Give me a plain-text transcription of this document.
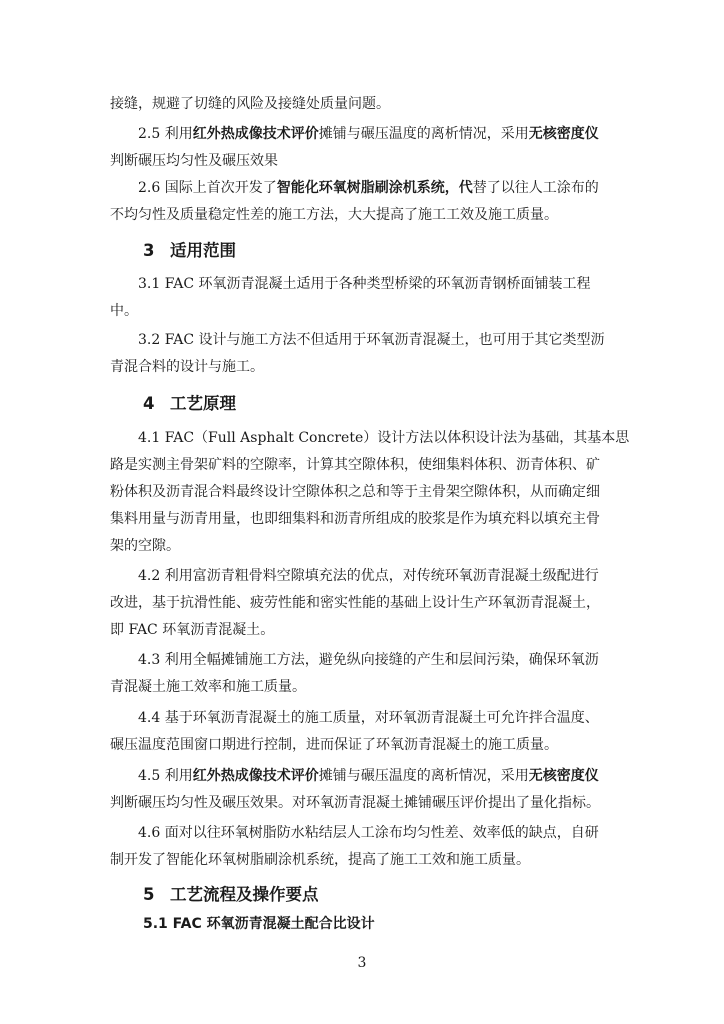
接缝，规避了切缝的风险及接缝处质量问题。
2.5 利用红外热成像技术评价摊铺与碾压温度的离析情况，采用无核密度仪
判断碾压均匀性及碾压效果
2.6 国际上首次开发了智能化环氧树脂刷涂机系统，代替了以往人工涂布的
不均匀性及质量稳定性差的施工方法，大大提高了施工工效及施工质量。
3 适用范围
3.1 FAC 环氧沥青混凝土适用于各种类型桥梁的环氧沥青钢桥面铺装工程
中。
3.2 FAC 设计与施工方法不但适用于环氧沥青混凝土，也可用于其它类型沥
青混合料的设计与施工。
4 工艺原理
4.1 FAC（Full Asphalt Concrete）设计方法以体积设计法为基础，其基本思
路是实测主骨架矿料的空隙率，计算其空隙体积，使细集料体积、沥青体积、矿
粉体积及沥青混合料最终设计空隙体积之总和等于主骨架空隙体积，从而确定细
集料用量与沥青用量，也即细集料和沥青所组成的胶浆是作为填充料以填充主骨
架的空隙。
4.2 利用富沥青粗骨料空隙填充法的优点，对传统环氧沥青混凝土级配进行
改进，基于抗滑性能、疲劳性能和密实性能的基础上设计生产环氧沥青混凝土，
即 FAC 环氧沥青混凝土。
4.3 利用全幅摊铺施工方法，避免纵向接缝的产生和层间污染，确保环氧沥
青混凝土施工效率和施工质量。
4.4 基于环氧沥青混凝土的施工质量，对环氧沥青混凝土可允许拌合温度、
碾压温度范围窗口期进行控制，进而保证了环氧沥青混凝土的施工质量。
4.5 利用红外热成像技术评价摊铺与碾压温度的离析情况，采用无核密度仪
判断碾压均匀性及碾压效果。对环氧沥青混凝土摊铺碾压评价提出了量化指标。
4.6 面对以往环氧树脂防水粘结层人工涂布均匀性差、效率低的缺点，自研
制开发了智能化环氧树脂刷涂机系统，提高了施工工效和施工质量。
5 工艺流程及操作要点
5.1 FAC 环氧沥青混凝土配合比设计
3
